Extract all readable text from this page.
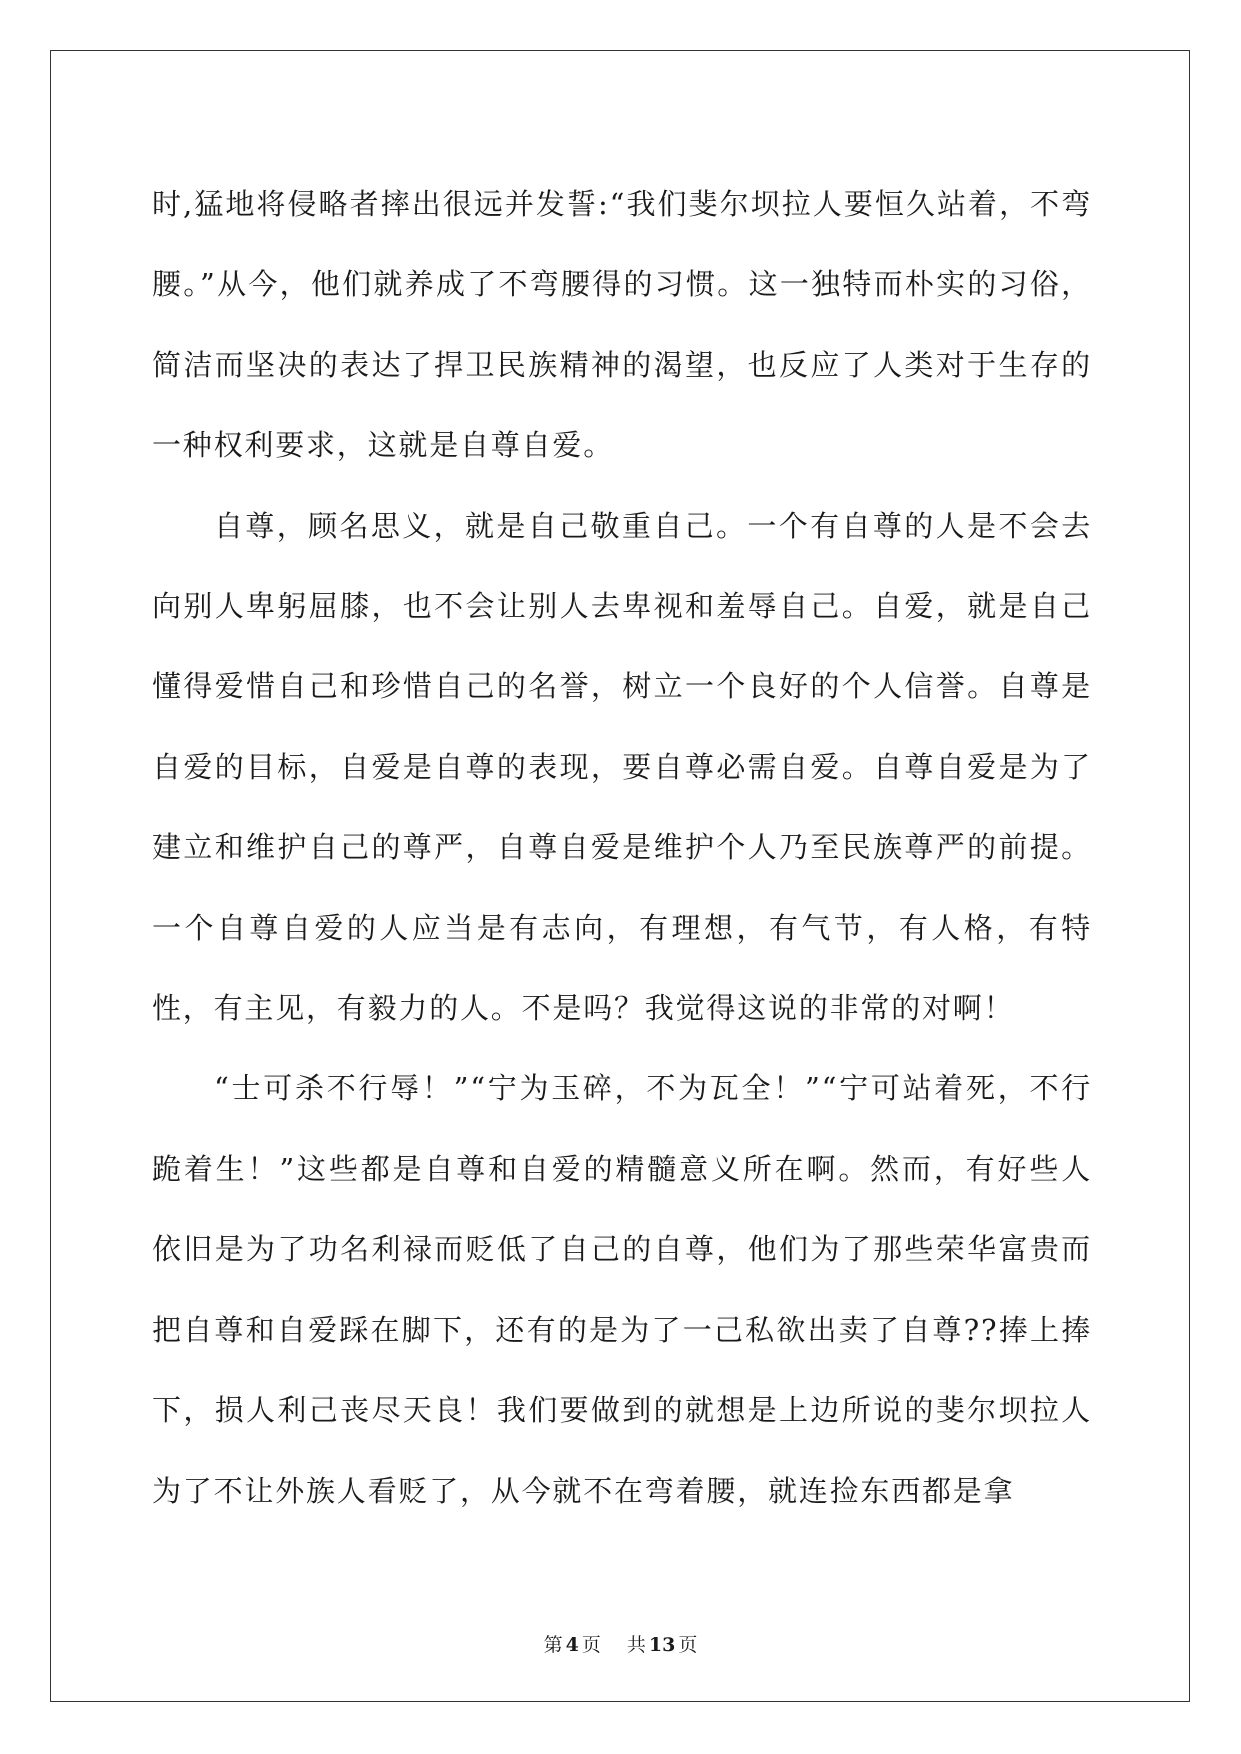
时,猛地将侵略者摔出很远并发誓:“我们斐尔坝拉人要恒久站着，不弯腰。”从今，他们就养成了不弯腰得的习惯。这一独特而朴实的习俗，简洁而坚决的表达了捍卫民族精神的渴望，也反应了人类对于生存的一种权利要求，这就是自尊自爱。

自尊，顾名思义，就是自己敬重自己。一个有自尊的人是不会去向别人卑躬屈膝，也不会让别人去卑视和羞辱自己。自爱，就是自己懂得爱惜自己和珍惜自己的名誉，树立一个良好的个人信誉。自尊是自爱的目标，自爱是自尊的表现，要自尊必需自爱。自尊自爱是为了建立和维护自己的尊严，自尊自爱是维护个人乃至民族尊严的前提。一个自尊自爱的人应当是有志向，有理想，有气节，有人格，有特性，有主见，有毅力的人。不是吗？我觉得这说的非常的对啊！

“士可杀不行辱！”“宁为玉碎，不为瓦全！”“宁可站着死，不行跪着生！”这些都是自尊和自爱的精髓意义所在啊。然而，有好些人依旧是为了功名利禄而贬低了自己的自尊，他们为了那些荣华富贵而把自尊和自爱踩在脚下，还有的是为了一己私欲出卖了自尊??捧上捧下，损人利己丧尽天良！我们要做到的就想是上边所说的斐尔坝拉人为了不让外族人看贬了，从今就不在弯着腰，就连捡东西都是拿

第 4 页 共 13 页
